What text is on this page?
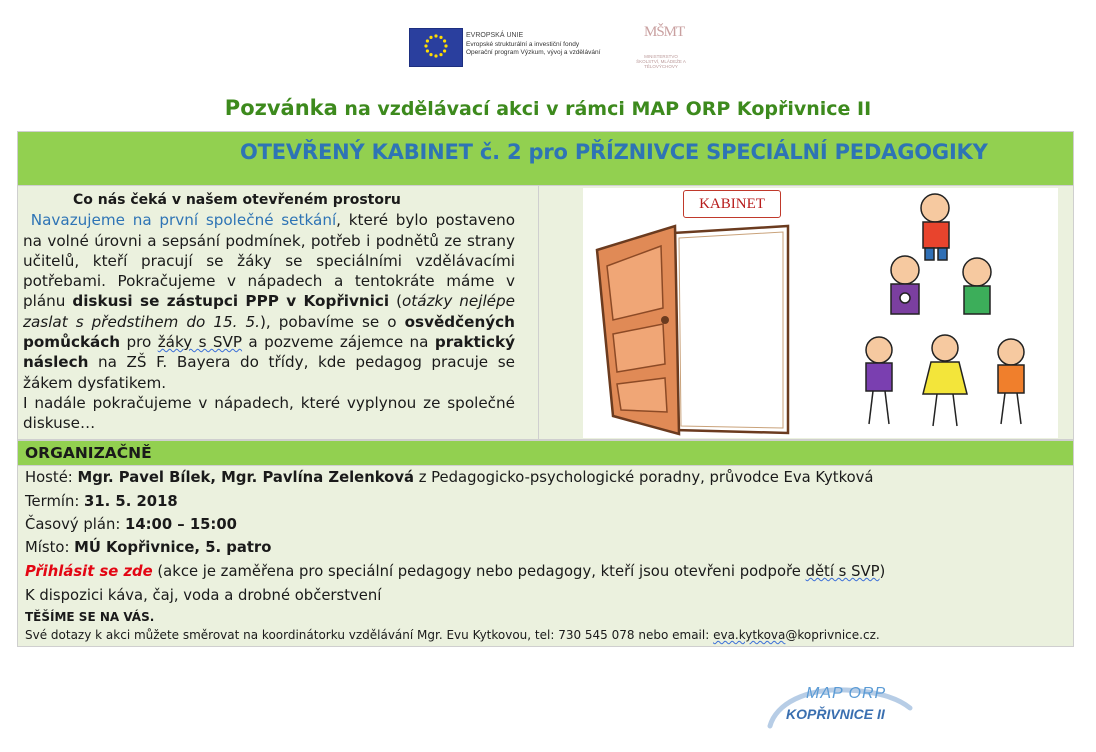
EVROPSKÁ UNIE
Evropské strukturální a investiční fondy
Operační program Výzkum, vývoj a vzdělávání
MŠMT
MINISTERSTVO ŠKOLSTVÍ, MLÁDEŽE A TĚLOVÝCHOVY
Pozvánka na vzdělávací akci v rámci MAP ORP Kopřivnice II
OTEVŘENÝ KABINET č. 2 pro PŘÍZNIVCE SPECIÁLNÍ PEDAGOGIKY
Co nás čeká v našem otevřeném prostoru
Navazujeme na první společné setkání, které bylo postaveno na volné úrovni a sepsání podmínek, potřeb i podnětů ze strany učitelů, kteří pracují se žáky se speciálními vzdělávacími potřebami. Pokračujeme v nápadech a tentokráte máme v plánu diskusi se zástupci PPP v Kopřivnici (otázky nejlépe zaslat s předstihem do 15. 5.), pobavíme se o osvědčených pomůckách pro žáky s SVP a pozveme zájemce na praktický náslech na ZŠ F. Bayera do třídy, kde pedagog pracuje se žákem dysfatikem.
I nadále pokračujeme v nápadech, které vyplynou ze společné diskuse…
KABINET
ORGANIZAČNĚ
Hosté: Mgr. Pavel Bílek, Mgr. Pavlína Zelenková z Pedagogicko-psychologické poradny, průvodce Eva Kytková
Termín: 31. 5. 2018
Časový plán: 14:00 – 15:00
Místo: MÚ Kopřivnice, 5. patro
Přihlásit se zde (akce je zaměřena pro speciální pedagogy nebo pedagogy, kteří jsou otevřeni podpoře dětí s SVP)
K dispozici káva, čaj, voda a drobné občerstvení
TĚŠÍME SE NA VÁS.
Své dotazy k akci můžete směrovat na koordinátorku vzdělávání Mgr. Evu Kytkovou, tel: 730 545 078 nebo email: eva.kytkova@koprivnice.cz.
MAP ORP
KOPŘIVNICE II
